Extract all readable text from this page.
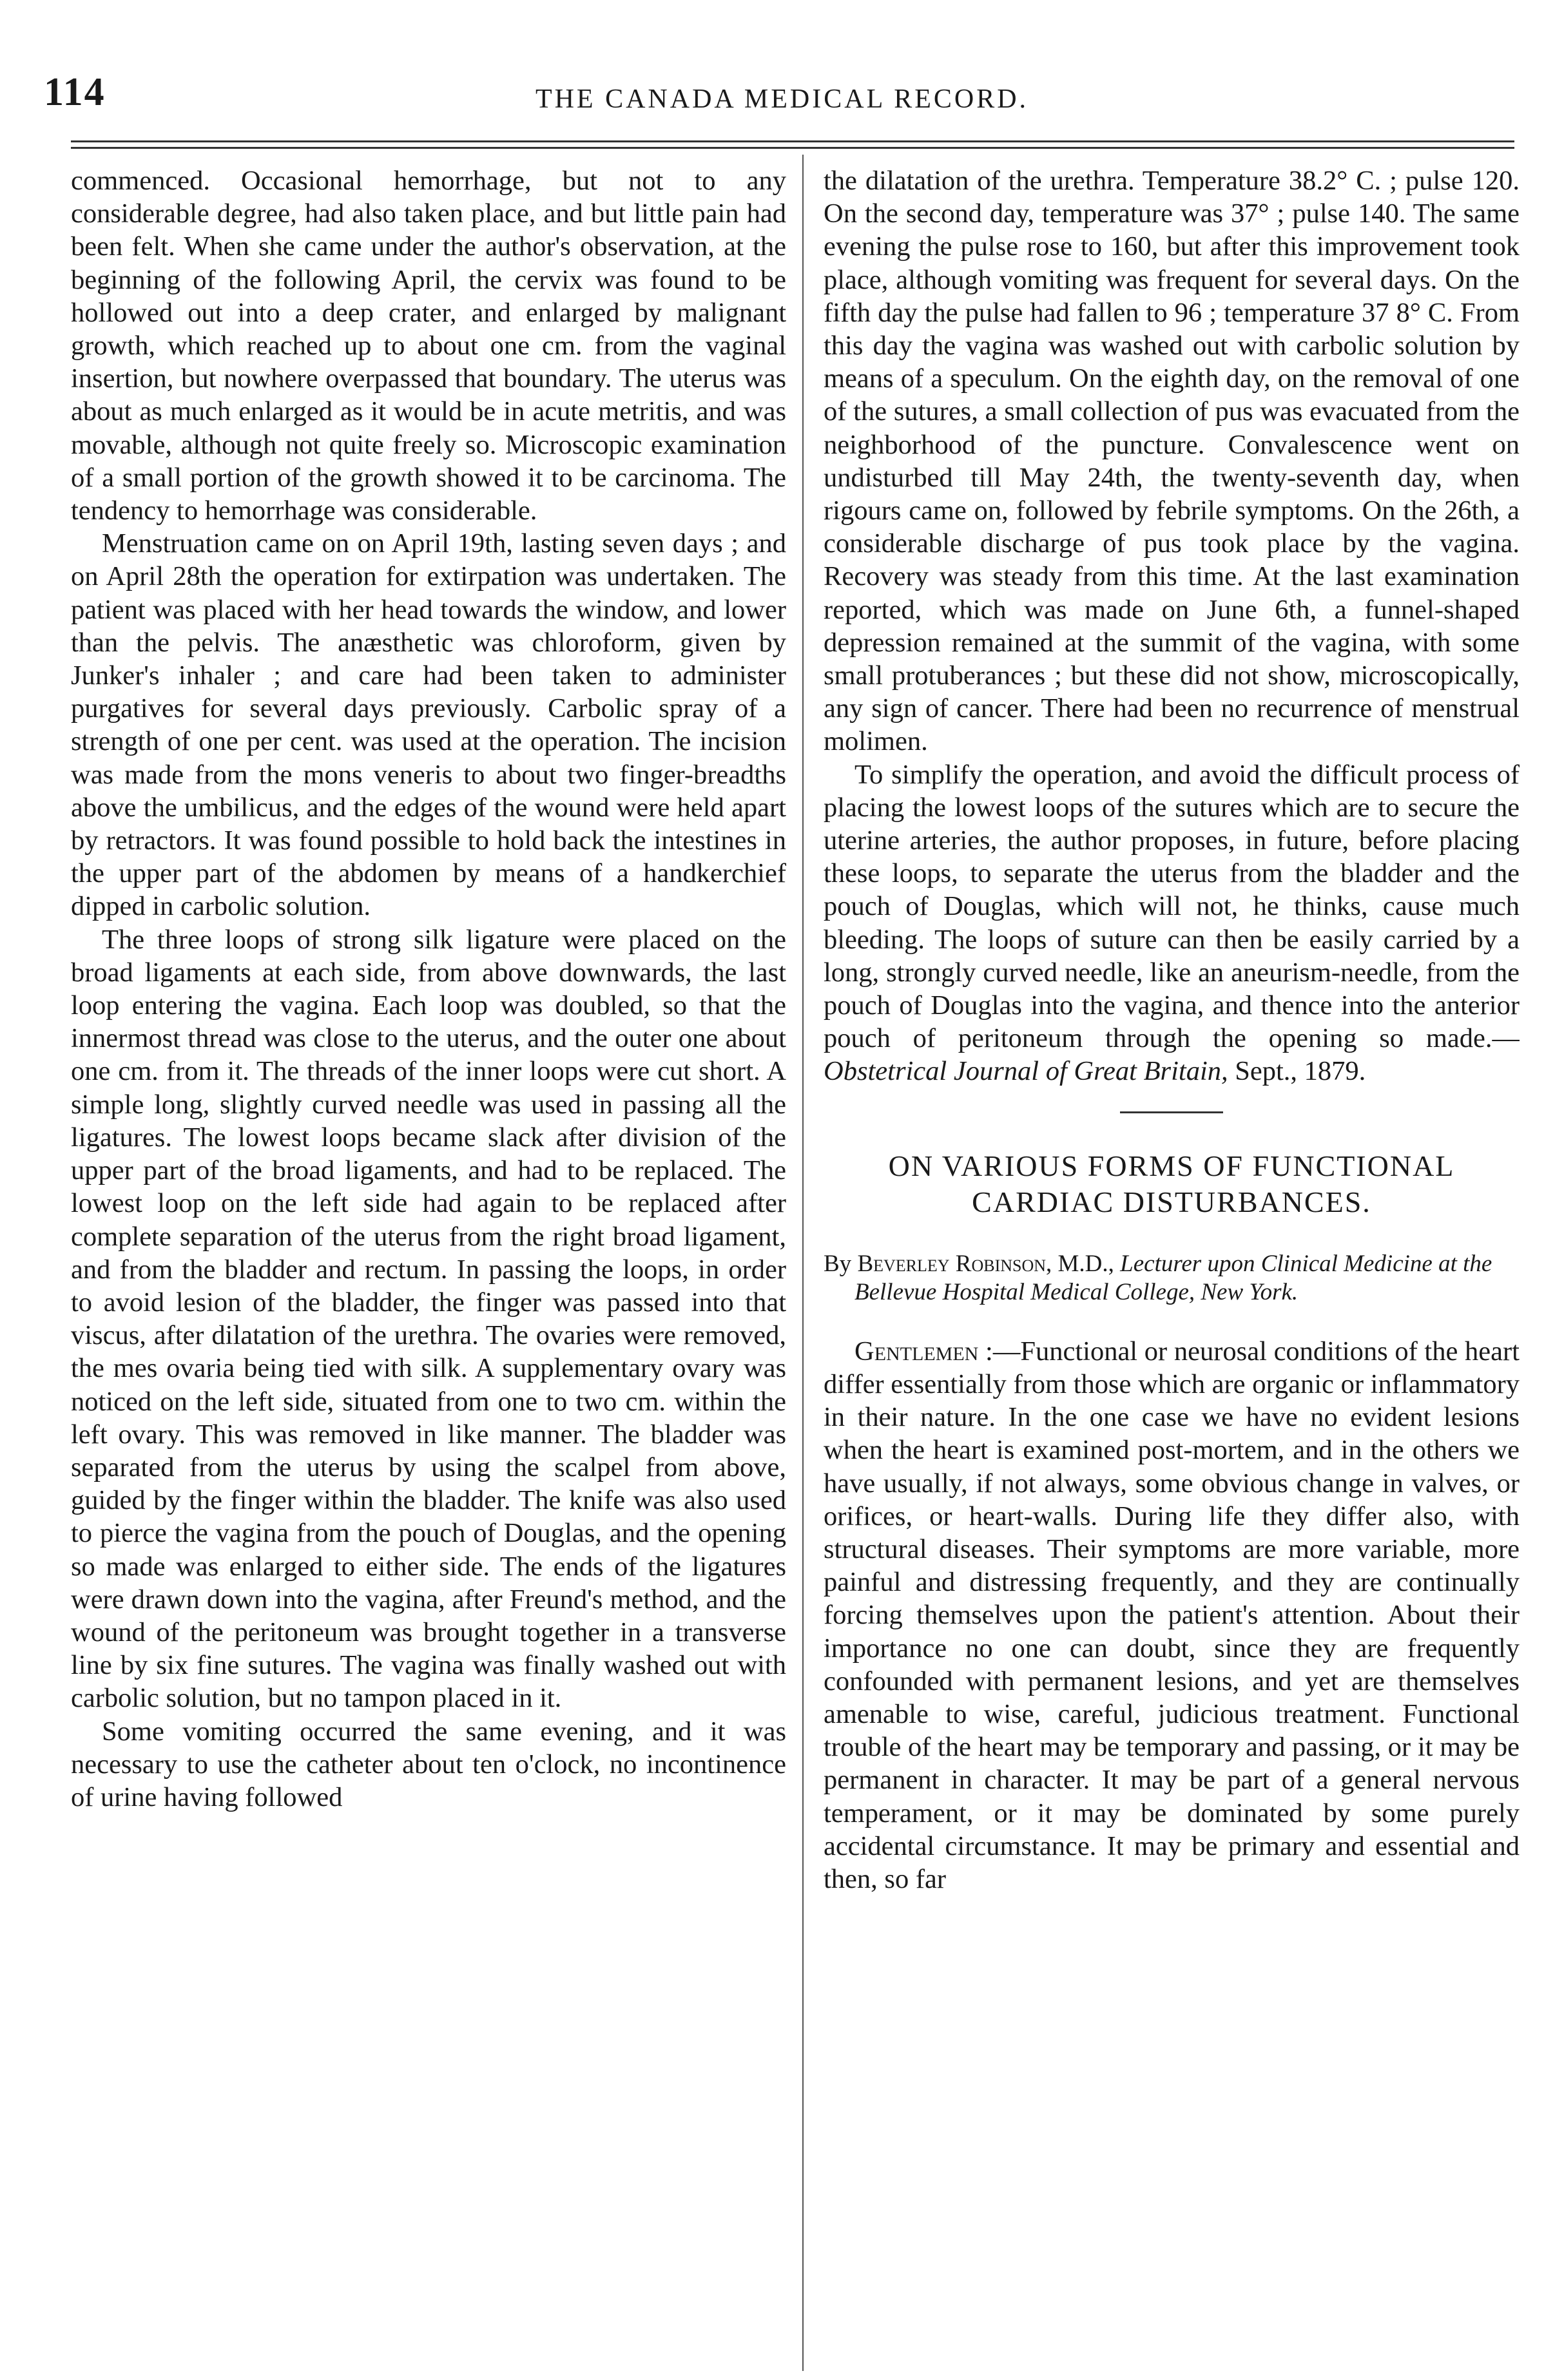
114	THE CANADA MEDICAL RECORD.

commenced. Occasional hemorrhage, but not to any considerable degree, had also taken place, and but little pain had been felt. When she came under the author's observation, at the beginning of the following April, the cervix was found to be hollowed out into a deep crater, and enlarged by malignant growth, which reached up to about one cm. from the vaginal insertion, but nowhere overpassed that boundary. The uterus was about as much enlarged as it would be in acute metritis, and was movable, although not quite freely so. Microscopic examination of a small portion of the growth showed it to be carcinoma. The tendency to hemorrhage was considerable.

Menstruation came on on April 19th, lasting seven days ; and on April 28th the operation for extirpation was undertaken. The patient was placed with her head towards the window, and lower than the pelvis. The anæsthetic was chloroform, given by Junker's inhaler ; and care had been taken to administer purgatives for several days previously. Carbolic spray of a strength of one per cent. was used at the operation. The incision was made from the mons veneris to about two finger-breadths above the umbilicus, and the edges of the wound were held apart by retractors. It was found possible to hold back the intestines in the upper part of the abdomen by means of a handkerchief dipped in carbolic solution.

The three loops of strong silk ligature were placed on the broad ligaments at each side, from above downwards, the last loop entering the vagina. Each loop was doubled, so that the innermost thread was close to the uterus, and the outer one about one cm. from it. The threads of the inner loops were cut short. A simple long, slightly curved needle was used in passing all the ligatures. The lowest loops became slack after division of the upper part of the broad ligaments, and had to be replaced. The lowest loop on the left side had again to be replaced after complete separation of the uterus from the right broad ligament, and from the bladder and rectum. In passing the loops, in order to avoid lesion of the bladder, the finger was passed into that viscus, after dilatation of the urethra. The ovaries were removed, the mes ovaria being tied with silk. A supplementary ovary was noticed on the left side, situated from one to two cm. within the left ovary. This was removed in like manner. The bladder was separated from the uterus by using the scalpel from above, guided by the finger within the bladder. The knife was also used to pierce the vagina from the pouch of Douglas, and the opening so made was enlarged to either side. The ends of the ligatures were drawn down into the vagina, after Freund's method, and the wound of the peritoneum was brought together in a transverse line by six fine sutures. The vagina was finally washed out with carbolic solution, but no tampon placed in it.

Some vomiting occurred the same evening, and it was necessary to use the catheter about ten o'clock, no incontinence of urine having followed

the dilatation of the urethra. Temperature 38.2° C. ; pulse 120. On the second day, temperature was 37° ; pulse 140. The same evening the pulse rose to 160, but after this improvement took place, although vomiting was frequent for several days. On the fifth day the pulse had fallen to 96 ; temperature 37 8° C. From this day the vagina was washed out with carbolic solution by means of a speculum. On the eighth day, on the removal of one of the sutures, a small collection of pus was evacuated from the neighborhood of the puncture. Convalescence went on undisturbed till May 24th, the twenty-seventh day, when rigours came on, followed by febrile symptoms. On the 26th, a considerable discharge of pus took place by the vagina. Recovery was steady from this time. At the last examination reported, which was made on June 6th, a funnel-shaped depression remained at the summit of the vagina, with some small protuberances ; but these did not show, microscopically, any sign of cancer. There had been no recurrence of menstrual molimen.

To simplify the operation, and avoid the difficult process of placing the lowest loops of the sutures which are to secure the uterine arteries, the author proposes, in future, before placing these loops, to separate the uterus from the bladder and the pouch of Douglas, which will not, he thinks, cause much bleeding. The loops of suture can then be easily carried by a long, strongly curved needle, like an aneurism-needle, from the pouch of Douglas into the vagina, and thence into the anterior pouch of peritoneum through the opening so made.—Obstetrical Journal of Great Britain, Sept., 1879.

ON VARIOUS FORMS OF FUNCTIONAL CARDIAC DISTURBANCES.
By Beverley Robinson, M.D., Lecturer upon Clinical Medicine at the Bellevue Hospital Medical College, New York.

Gentlemen :—Functional or neurosal conditions of the heart differ essentially from those which are organic or inflammatory in their nature. In the one case we have no evident lesions when the heart is examined post-mortem, and in the others we have usually, if not always, some obvious change in valves, or orifices, or heart-walls. During life they differ also, with structural diseases. Their symptoms are more variable, more painful and distressing frequently, and they are continually forcing themselves upon the patient's attention. About their importance no one can doubt, since they are frequently confounded with permanent lesions, and yet are themselves amenable to wise, careful, judicious treatment. Functional trouble of the heart may be temporary and passing, or it may be permanent in character. It may be part of a general nervous temperament, or it may be dominated by some purely accidental circumstance. It may be primary and essential and then, so far
